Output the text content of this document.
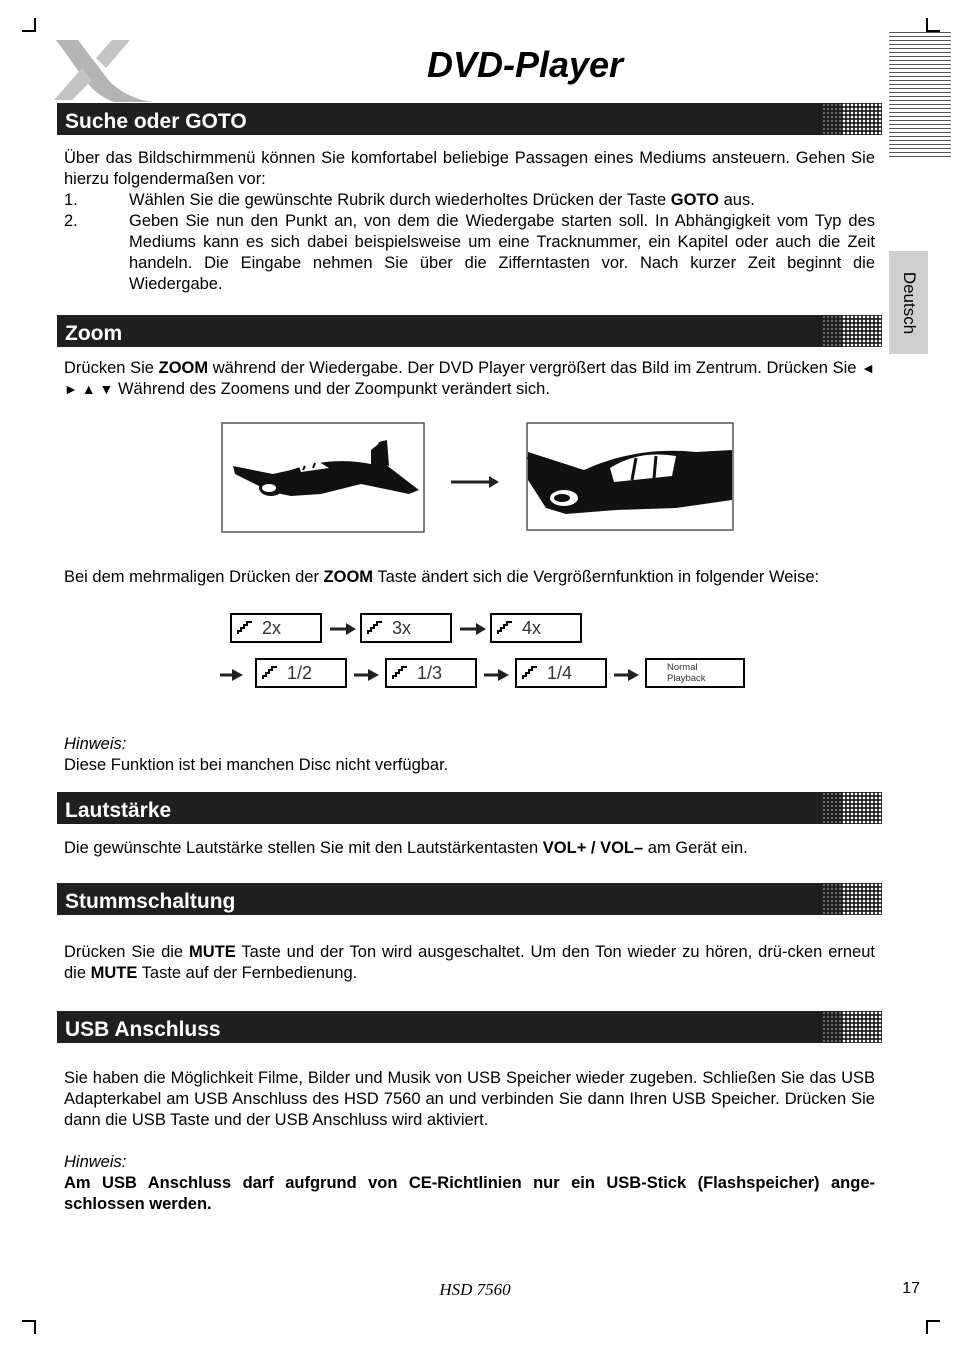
DVD-Player
Deutsch
Suche oder GOTO
Über das Bildschirmmenü können Sie komfortabel beliebige Passagen eines Mediums ansteuern. Gehen Sie hierzu folgendermaßen vor:
1.	Wählen Sie die gewünschte Rubrik durch wiederholtes Drücken der Taste GOTO aus.
2.	Geben Sie nun den Punkt an, von dem die Wiedergabe starten soll. In Abhängigkeit vom Typ des Mediums kann es sich dabei beispielsweise um eine Tracknummer, ein Kapitel oder auch die Zeit handeln. Die Eingabe nehmen Sie über die Zifferntasten vor. Nach kurzer Zeit beginnt die Wiedergabe.
Zoom
Drücken Sie ZOOM während der Wiedergabe. Der DVD Player vergrößert das Bild im Zentrum. Drücken Sie ◄ ► ▲ ▼ Während des Zoomens und der Zoompunkt verändert sich.
Bei dem mehrmaligen Drücken der ZOOM Taste ändert sich die Vergrößernfunktion in folgender Weise:
2x	3x	4x
1/2	1/3	1/4	Normal
Playback
Hinweis:
Diese Funktion ist bei manchen Disc nicht verfügbar.
Lautstärke
Die gewünschte Lautstärke stellen Sie mit den Lautstärkentasten VOL+ / VOL– am Gerät ein.
Stummschaltung
Drücken Sie die MUTE Taste und der Ton wird ausgeschaltet. Um den Ton wieder zu hören, drü-cken erneut die MUTE Taste auf der Fernbedienung.
USB Anschluss
Sie haben die Möglichkeit Filme, Bilder und Musik von USB Speicher wieder zugeben. Schließen Sie das USB Adapterkabel am USB Anschluss des HSD 7560 an und verbinden Sie dann Ihren USB Speicher. Drücken Sie dann die USB Taste und der USB Anschluss wird aktiviert.
Hinweis:
Am USB Anschluss darf aufgrund von CE-Richtlinien nur ein USB-Stick (Flashspeicher) ange-schlossen werden.
HSD 7560	17
